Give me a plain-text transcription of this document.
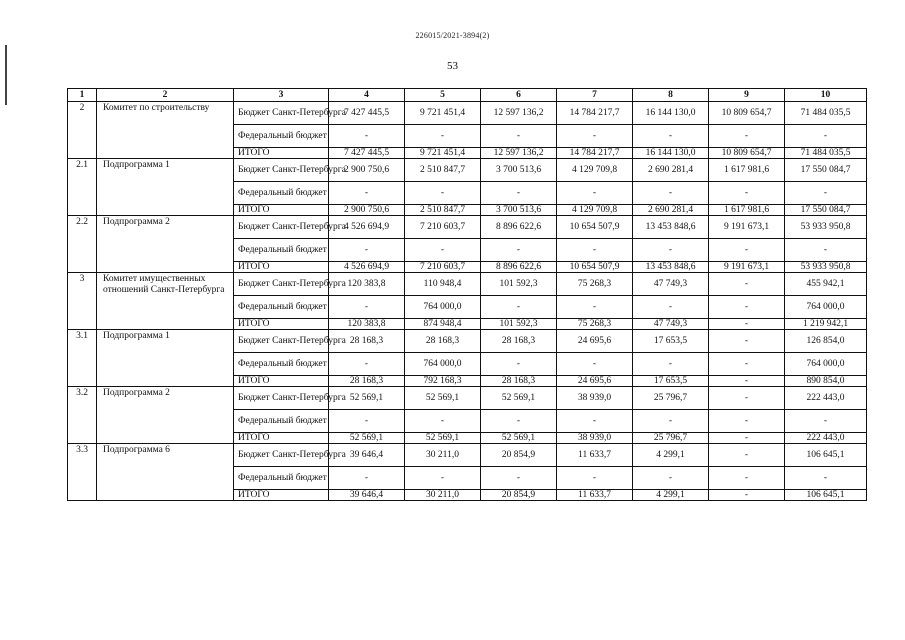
226015/2021-3894(2)
53
1	2	3	4	5	6	7	8	9	10
2	Комитет по строительству	Бюджет Санкт-Петербурга	7 427 445,5	9 721 451,4	12 597 136,2	14 784 217,7	16 144 130,0	10 809 654,7	71 484 035,5
		Федеральный бюджет	-	-	-	-	-	-	-
		ИТОГО	7 427 445,5	9 721 451,4	12 597 136,2	14 784 217,7	16 144 130,0	10 809 654,7	71 484 035,5
2.1	Подпрограмма 1	Бюджет Санкт-Петербурга	2 900 750,6	2 510 847,7	3 700 513,6	4 129 709,8	2 690 281,4	1 617 981,6	17 550 084,7
		Федеральный бюджет	-	-	-	-	-	-	-
		ИТОГО	2 900 750,6	2 510 847,7	3 700 513,6	4 129 709,8	2 690 281,4	1 617 981,6	17 550 084,7
2.2	Подпрограмма 2	Бюджет Санкт-Петербурга	4 526 694,9	7 210 603,7	8 896 622,6	10 654 507,9	13 453 848,6	9 191 673,1	53 933 950,8
		Федеральный бюджет	-	-	-	-	-	-	-
		ИТОГО	4 526 694,9	7 210 603,7	8 896 622,6	10 654 507,9	13 453 848,6	9 191 673,1	53 933 950,8
3	Комитет имущественных отношений Санкт-Петербурга	Бюджет Санкт-Петербурга	120 383,8	110 948,4	101 592,3	75 268,3	47 749,3	-	455 942,1
		Федеральный бюджет	-	764 000,0	-	-	-	-	764 000,0
		ИТОГО	120 383,8	874 948,4	101 592,3	75 268,3	47 749,3	-	1 219 942,1
3.1	Подпрограмма 1	Бюджет Санкт-Петербурга	28 168,3	28 168,3	28 168,3	24 695,6	17 653,5	-	126 854,0
		Федеральный бюджет	-	764 000,0	-	-	-	-	764 000,0
		ИТОГО	28 168,3	792 168,3	28 168,3	24 695,6	17 653,5	-	890 854,0
3.2	Подпрограмма 2	Бюджет Санкт-Петербурга	52 569,1	52 569,1	52 569,1	38 939,0	25 796,7	-	222 443,0
		Федеральный бюджет	-	-	-	-	-	-	-
		ИТОГО	52 569,1	52 569,1	52 569,1	38 939,0	25 796,7	-	222 443,0
3.3	Подпрограмма 6	Бюджет Санкт-Петербурга	39 646,4	30 211,0	20 854,9	11 633,7	4 299,1	-	106 645,1
		Федеральный бюджет	-	-	-	-	-	-	-
		ИТОГО	39 646,4	30 211,0	20 854,9	11 633,7	4 299,1	-	106 645,1
